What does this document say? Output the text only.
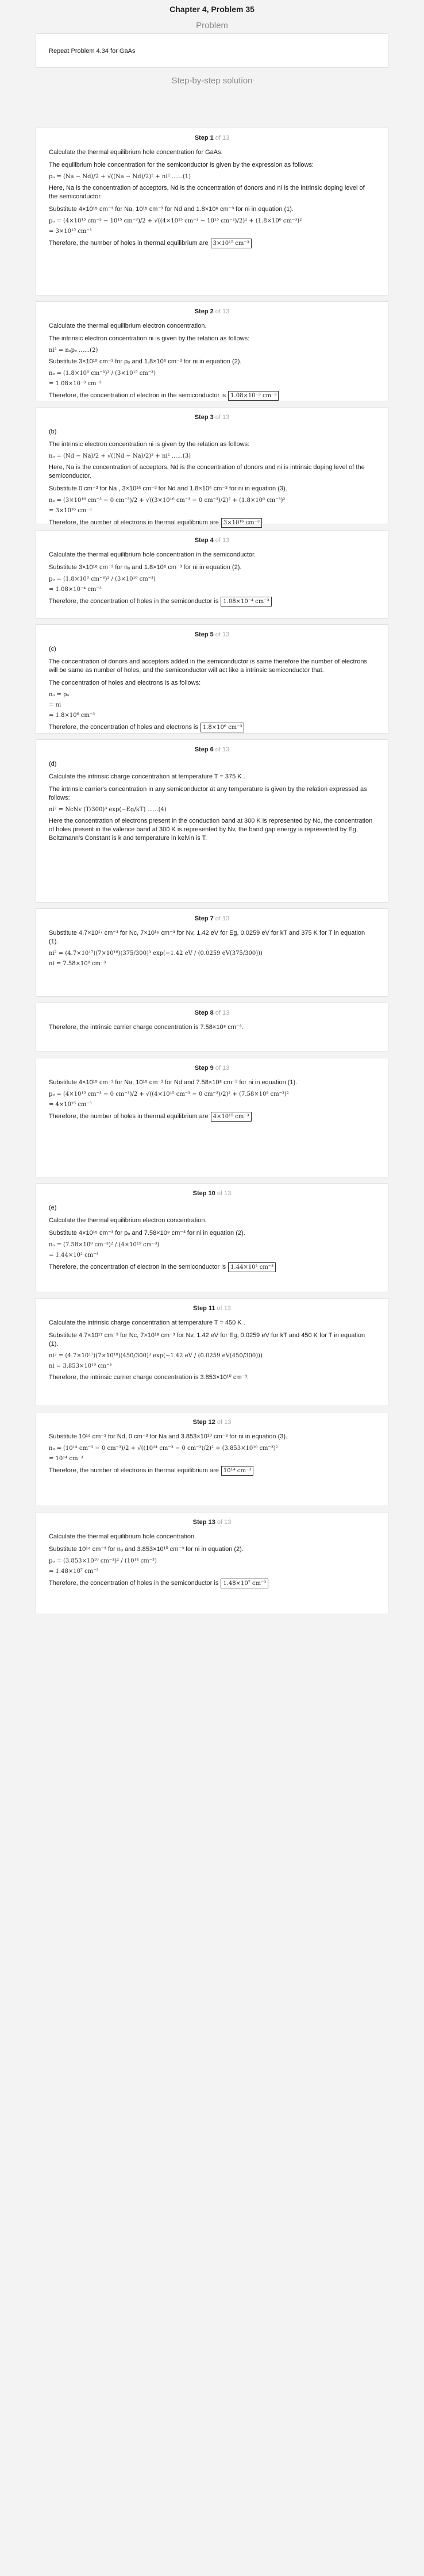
Chapter 4, Problem 35
Problem
Repeat Problem 4.34 for GaAs
Step-by-step solution
Step 1 of 13
Calculate the thermal equilibrium hole concentration for GaAs.
The equilibrium hole concentration for the semiconductor is given by the expression as follows:
pₒ = (Na − Nd)/2 + √((Na − Nd)/2)² + ni² ......(1)
Here, Na is the concentration of acceptors, Nd is the concentration of donors and ni is the intrinsic doping level of the semiconductor.
Substitute 4×10¹⁵ cm⁻³ for Na, 10¹⁵ cm⁻³ for Nd and 1.8×10⁶ cm⁻³ for ni in equation (1).
pₒ = (4×10¹⁵ cm⁻³ − 10¹⁵ cm⁻³)/2 + √((4×10¹⁵ cm⁻³ − 10¹⁵ cm⁻³)/2)² + (1.8×10⁶ cm⁻³)²
= 3×10¹⁵ cm⁻³
Therefore, the number of holes in thermal equilibrium are 3×10¹⁵ cm⁻³
Step 2 of 13
Calculate the thermal equilibrium electron concentration.
The intrinsic electron concentration ni is given by the relation as follows:
ni² = nₒpₒ ......(2)
Substitute 3×10¹⁵ cm⁻³ for pₒ and 1.8×10⁶ cm⁻³ for ni in equation (2).
nₒ = (1.8×10⁶ cm⁻³)² / (3×10¹⁵ cm⁻³)
= 1.08×10⁻³ cm⁻³
Therefore, the concentration of electron in the semiconductor is 1.08×10⁻³ cm⁻³
Step 3 of 13
(b)
The intrinsic electron concentration ni is given by the relation as follows:
nₒ = (Nd − Na)/2 + √((Nd − Na)/2)² + ni² ......(3)
Here, Na is the concentration of acceptors, Nd is the concentration of donors and ni is intrinsic doping level of the semiconductor.
Substitute 0 cm⁻³ for Na , 3×10¹⁶ cm⁻³ for Nd and 1.8×10⁶ cm⁻³ for ni in equation (3).
nₒ = (3×10¹⁶ cm⁻³ − 0 cm⁻³)/2 + √((3×10¹⁶ cm⁻³ − 0 cm⁻³)/2)² + (1.8×10⁶ cm⁻³)²
= 3×10¹⁶ cm⁻³
Therefore, the number of electrons in thermal equilibrium are 3×10¹⁶ cm⁻³
Step 4 of 13
Calculate the thermal equilibrium hole concentration in the semiconductor.
Substitute 3×10¹⁶ cm⁻³ for nₒ and 1.8×10⁶ cm⁻³ for ni in equation (2).
pₒ = (1.8×10⁶ cm⁻³)² / (3×10¹⁶ cm⁻³)
= 1.08×10⁻⁴ cm⁻³
Therefore, the concentration of holes in the semiconductor is 1.08×10⁻⁴ cm⁻³
Step 5 of 13
(c)
The concentration of donors and acceptors added in the semiconductor is same therefore the number of electrons will be same as number of holes, and the semiconductor will act like a intrinsic semiconductor that.
The concentration of holes and electrons is as follows:
nₒ = pₒ
= ni
= 1.8×10⁶ cm⁻³
Therefore, the concentration of holes and electrons is 1.8×10⁶ cm⁻³
Step 6 of 13
(d)
Calculate the intrinsic charge concentration at temperature T = 375 K .
The intrinsic carrier's concentration in any semiconductor at any temperature is given by the relation expressed as follows:
ni² = NcNv (T/300)³ exp(−Eg/kT) ......(4)
Here the concentration of electrons present in the conduction band at 300 K is represented by Nc, the concentration of holes present in the valence band at 300 K is represented by Nv, the band gap energy is represented by Eg, Boltzmann's Constant is k and temperature in kelvin is T.
Step 7 of 13
Substitute 4.7×10¹⁷ cm⁻³ for Nc, 7×10¹⁸ cm⁻³ for Nv, 1.42 eV for Eg, 0.0259 eV for kT and 375 K for T in equation (1).
ni² = (4.7×10¹⁷)(7×10¹⁸)(375/300)³ exp(−1.42 eV / (0.0259 eV(375/300)))
ni = 7.58×10⁸ cm⁻³
Step 8 of 13
Therefore, the intrinsic carrier charge concentration is 7.58×10⁸ cm⁻³.
Step 9 of 13
Substitute 4×10¹⁵ cm⁻³ for Na, 10¹⁵ cm⁻³ for Nd and 7.58×10⁸ cm⁻³ for ni in equation (1).
pₒ = (4×10¹⁵ cm⁻³ − 0 cm⁻³)/2 + √((4×10¹⁵ cm⁻³ − 0 cm⁻³)/2)² + (7.58×10⁸ cm⁻³)²
= 4×10¹⁵ cm⁻³
Therefore, the number of holes in thermal equilibrium are 4×10¹⁵ cm⁻³
Step 10 of 13
(e)
Calculate the thermal equilibrium electron concentration.
Substitute 4×10¹⁵ cm⁻³ for pₒ and 7.58×10⁸ cm⁻³ for ni in equation (2).
nₒ = (7.58×10⁸ cm⁻³)² / (4×10¹⁵ cm⁻³)
= 1.44×10² cm⁻³
Therefore, the concentration of electron in the semiconductor is 1.44×10² cm⁻³
Step 11 of 13
Calculate the intrinsic charge concentration at temperature T = 450 K .
Substitute 4.7×10¹⁷ cm⁻³ for Nc, 7×10¹⁸ cm⁻³ for Nv, 1.42 eV for Eg, 0.0259 eV for kT and 450 K for T in equation (1).
ni² = (4.7×10¹⁷)(7×10¹⁸)(450/300)³ exp(−1.42 eV / (0.0259 eV(450/300)))
ni = 3.853×10¹⁰ cm⁻³
Therefore, the intrinsic carrier charge concentration is 3.853×10¹⁰ cm⁻³.
Step 12 of 13
Substitute 10¹⁴ cm⁻³ for Nd, 0 cm⁻³ for Na and 3.853×10¹⁰ cm⁻³ for ni in equation (3).
nₒ = (10¹⁴ cm⁻³ − 0 cm⁻³)/2 + √((10¹⁴ cm⁻³ − 0 cm⁻³)/2)² + (3.853×10¹⁰ cm⁻³)²
= 10¹⁴ cm⁻³
Therefore, the number of electrons in thermal equilibrium are 10¹⁴ cm⁻³
Step 13 of 13
Calculate the thermal equilibrium hole concentration.
Substitute 10¹⁴ cm⁻³ for nₒ and 3.853×10¹⁰ cm⁻³ for ni in equation (2).
pₒ = (3.853×10¹⁰ cm⁻³)² / (10¹⁴ cm⁻³)
= 1.48×10⁷ cm⁻³
Therefore, the concentration of holes in the semiconductor is 1.48×10⁷ cm⁻³
